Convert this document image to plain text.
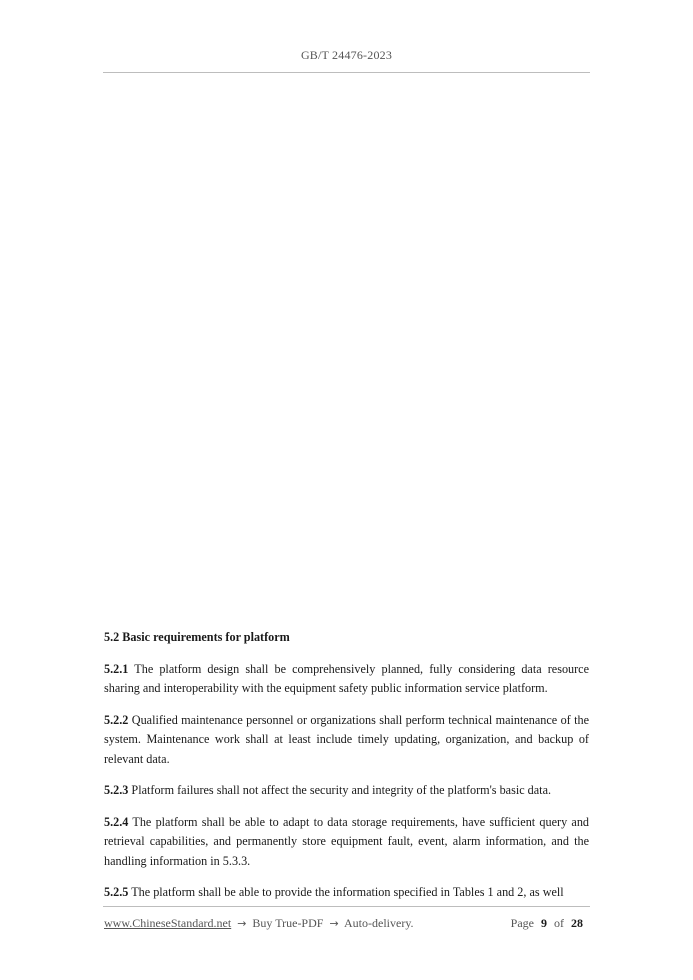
GB/T 24476-2023

5.2 Basic requirements for platform

5.2.1 The platform design shall be comprehensively planned, fully considering data resource sharing and interoperability with the equipment safety public information service platform.

5.2.2 Qualified maintenance personnel or organizations shall perform technical maintenance of the system. Maintenance work shall at least include timely updating, organization, and backup of relevant data.

5.2.3 Platform failures shall not affect the security and integrity of the platform's basic data.

5.2.4 The platform shall be able to adapt to data storage requirements, have sufficient query and retrieval capabilities, and permanently store equipment fault, event, alarm information, and the handling information in 5.3.3.

5.2.5 The platform shall be able to provide the information specified in Tables 1 and 2, as well

www.ChineseStandard.net → Buy True-PDF → Auto-delivery.	Page 9 of 28
